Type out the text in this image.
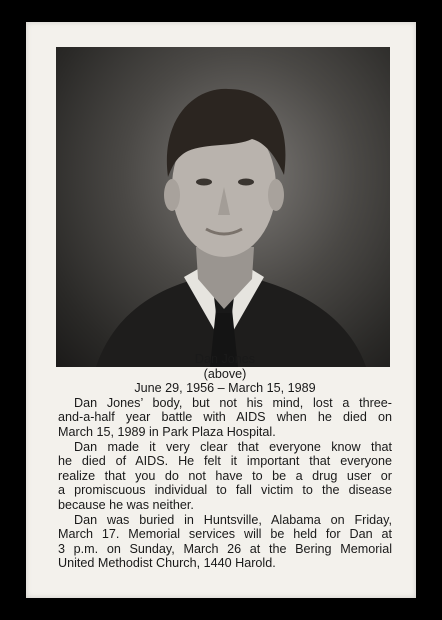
Dan Jones
(above)
June 29, 1956 – March 15, 1989
Dan Jones’ body, but not his mind, lost a three-
and-a-half year battle with AIDS when he died on
March 15, 1989 in Park Plaza Hospital.
Dan made it very clear that everyone know that
he died of AIDS. He felt it important that everyone
realize that you do not have to be a drug user or
a promiscuous individual to fall victim to the disease
because he was neither.
Dan was buried in Huntsville, Alabama on Friday,
March 17. Memorial services will be held for Dan at
3 p.m. on Sunday, March 26 at the Bering Memorial
United Methodist Church, 1440 Harold.
